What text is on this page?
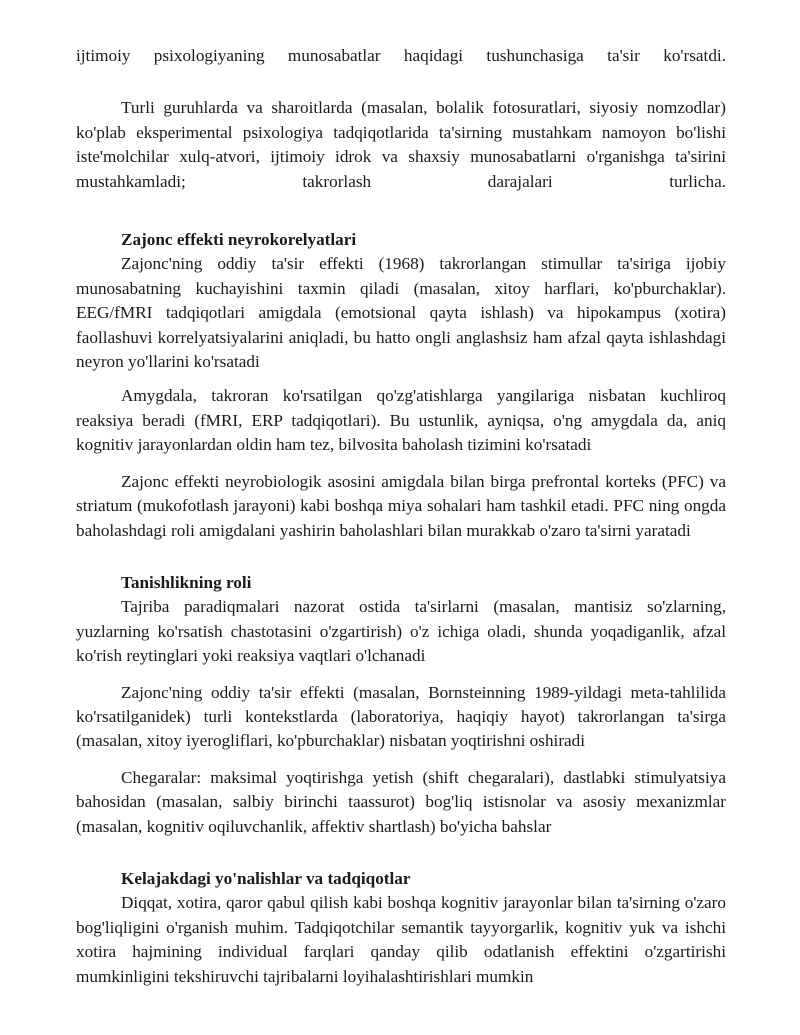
ijtimoiy psixologiyaning munosabatlar haqidagi tushunchasiga ta'sir ko'rsatdi.

Turli guruhlarda va sharoitlarda (masalan, bolalik fotosuratlari, siyosiy nomzodlar) ko'plab eksperimental psixologiya tadqiqotlarida ta'sirning mustahkam namoyon bo'lishi iste'molchilar xulq-atvori, ijtimoiy idrok va shaxsiy munosabatlarni o'rganishga ta'sirini mustahkamladi; takrorlash darajalari turlicha.

Zajonc effekti neyrokorelyatlari

Zajonc'ning oddiy ta'sir effekti (1968) takrorlangan stimullar ta'siriga ijobiy munosabatning kuchayishini taxmin qiladi (masalan, xitoy harflari, ko'pburchaklar). EEG/fMRI tadqiqotlari amigdala (emotsional qayta ishlash) va hipokampus (xotira) faollashuvi korrelyatsiyalarini aniqladi, bu hatto ongli anglashsiz ham afzal qayta ishlashdagi neyron yo'llarini ko'rsatadi

Amygdala, takroran ko'rsatilgan qo'zg'atishlarga yangilariga nisbatan kuchliroq reaksiya beradi (fMRI, ERP tadqiqotlari). Bu ustunlik, ayniqsa, o'ng amygdala da, aniq kognitiv jarayonlardan oldin ham tez, bilvosita baholash tizimini ko'rsatadi

Zajonc effekti neyrobiologik asosini amigdala bilan birga prefrontal korteks (PFC) va striatum (mukofotlash jarayoni) kabi boshqa miya sohalari ham tashkil etadi. PFC ning ongda baholashdagi roli amigdalani yashirin baholashlari bilan murakkab o'zaro ta'sirni yaratadi

Tanishlikning roli

Tajriba paradiqmalari nazorat ostida ta'sirlarni (masalan, mantisiz so'zlarning, yuzlarning ko'rsatish chastotasini o'zgartirish) o'z ichiga oladi, shunda yoqadiganlik, afzal ko'rish reytinglari yoki reaksiya vaqtlari o'lchanadi

Zajonc'ning oddiy ta'sir effekti (masalan, Bornsteinning 1989-yildagi meta-tahlilida ko'rsatilganidek) turli kontekstlarda (laboratoriya, haqiqiy hayot) takrorlangan ta'sirga (masalan, xitoy iyerogliflari, ko'pburchaklar) nisbatan yoqtirishni oshiradi

Chegaralar: maksimal yoqtirishga yetish (shift chegaralari), dastlabki stimulyatsiya bahosidan (masalan, salbiy birinchi taassurot) bog'liq istisnolar va asosiy mexanizmlar (masalan, kognitiv oqiluvchanlik, affektiv shartlash) bo'yicha bahslar

Kelajakdagi yo'nalishlar va tadqiqotlar

Diqqat, xotira, qaror qabul qilish kabi boshqa kognitiv jarayonlar bilan ta'sirning o'zaro bog'liqligini o'rganish muhim. Tadqiqotchilar semantik tayyorgarlik, kognitiv yuk va ishchi xotira hajmining individual farqlari qanday qilib odatlanish effektini o'zgartirishi mumkinligini tekshiruvchi tajribalarni loyihalashtirishlari mumkin
